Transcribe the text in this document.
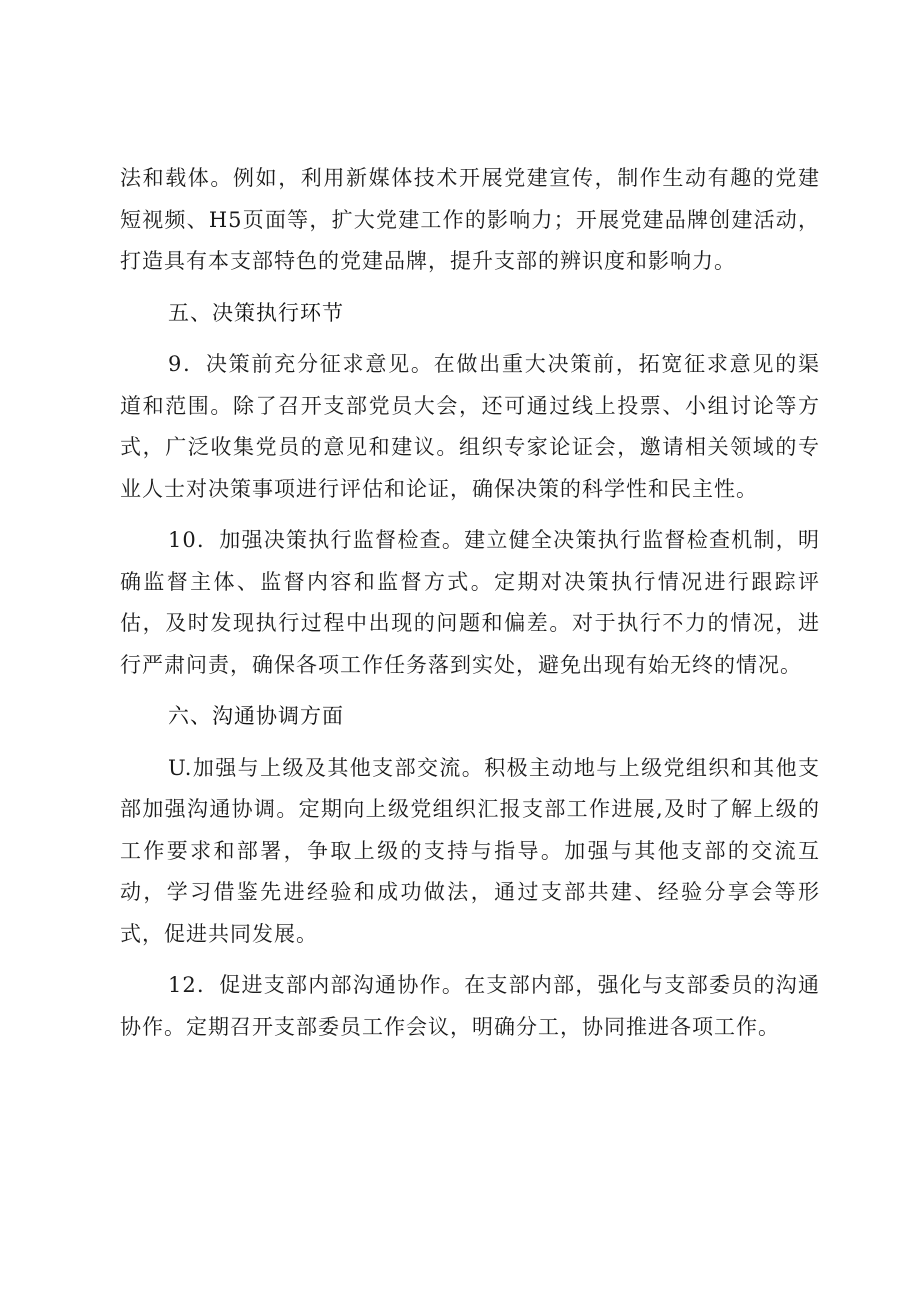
法和载体。例如，利用新媒体技术开展党建宣传，制作生动有趣的党建短视频、H5页面等，扩大党建工作的影响力；开展党建品牌创建活动，打造具有本支部特色的党建品牌，提升支部的辨识度和影响力。

五、决策执行环节

9．决策前充分征求意见。在做出重大决策前，拓宽征求意见的渠道和范围。除了召开支部党员大会，还可通过线上投票、小组讨论等方式，广泛收集党员的意见和建议。组织专家论证会，邀请相关领域的专业人士对决策事项进行评估和论证，确保决策的科学性和民主性。

10．加强决策执行监督检查。建立健全决策执行监督检查机制，明确监督主体、监督内容和监督方式。定期对决策执行情况进行跟踪评估，及时发现执行过程中出现的问题和偏差。对于执行不力的情况，进行严肃问责，确保各项工作任务落到实处，避免出现有始无终的情况。

六、沟通协调方面

U.加强与上级及其他支部交流。积极主动地与上级党组织和其他支部加强沟通协调。定期向上级党组织汇报支部工作进展,及时了解上级的工作要求和部署，争取上级的支持与指导。加强与其他支部的交流互动，学习借鉴先进经验和成功做法，通过支部共建、经验分享会等形式，促进共同发展。

12．促进支部内部沟通协作。在支部内部，强化与支部委员的沟通协作。定期召开支部委员工作会议，明确分工，协同推进各项工作。
